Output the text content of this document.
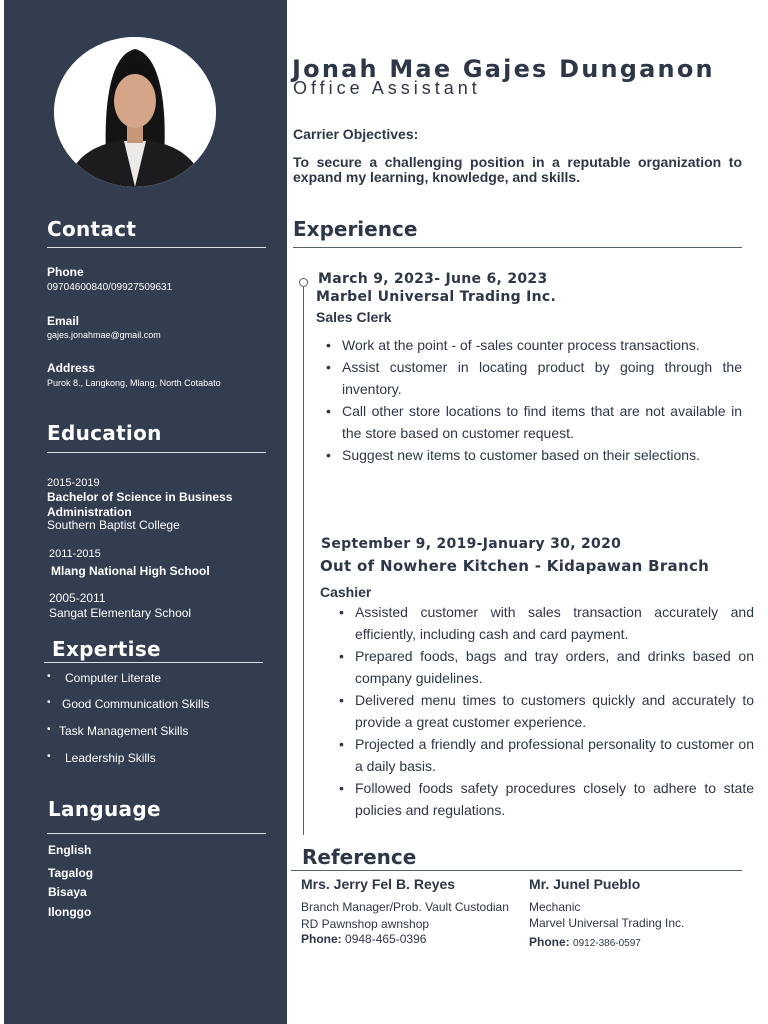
Contact
Phone
09704600840/09927509631
Email
gajes.jonahmae@gmail.com
Address
Purok 8., Langkong, Mlang, North Cotabato
Education
2015-2019
Bachelor of Science in Business Administration
Southern Baptist College
2011-2015
Mlang National High School
2005-2011
Sangat Elementary School
Expertise
• Computer Literate
• Good Communication Skills
• Task Management Skills
• Leadership Skills
Language
English
Tagalog
Bisaya
Ilonggo
Jonah Mae Gajes Dunganon
Office Assistant
Carrier Objectives:
To secure a challenging position in a reputable organization to expand my learning, knowledge, and skills.
Experience
March 9, 2023- June 6, 2023
Marbel Universal Trading Inc.
Sales Clerk
• Work at the point - of -sales counter process transactions.
• Assist customer in locating product by going through the inventory.
• Call other store locations to find items that are not available in the store based on customer request.
• Suggest new items to customer based on their selections.
September 9, 2019-January 30, 2020
Out of Nowhere Kitchen - Kidapawan Branch
Cashier
• Assisted customer with sales transaction accurately and efficiently, including cash and card payment.
• Prepared foods, bags and tray orders, and drinks based on company guidelines.
• Delivered menu times to customers quickly and accurately to provide a great customer experience.
• Projected a friendly and professional personality to customer on a daily basis.
• Followed foods safety procedures closely to adhere to state policies and regulations.
Reference
Mrs. Jerry Fel B. Reyes
Branch Manager/Prob. Vault Custodian
RD Pawnshop awnshop
Phone: 0948-465-0396
Mr. Junel Pueblo
Mechanic
Marvel Universal Trading Inc.
Phone: 0912-386-0597
